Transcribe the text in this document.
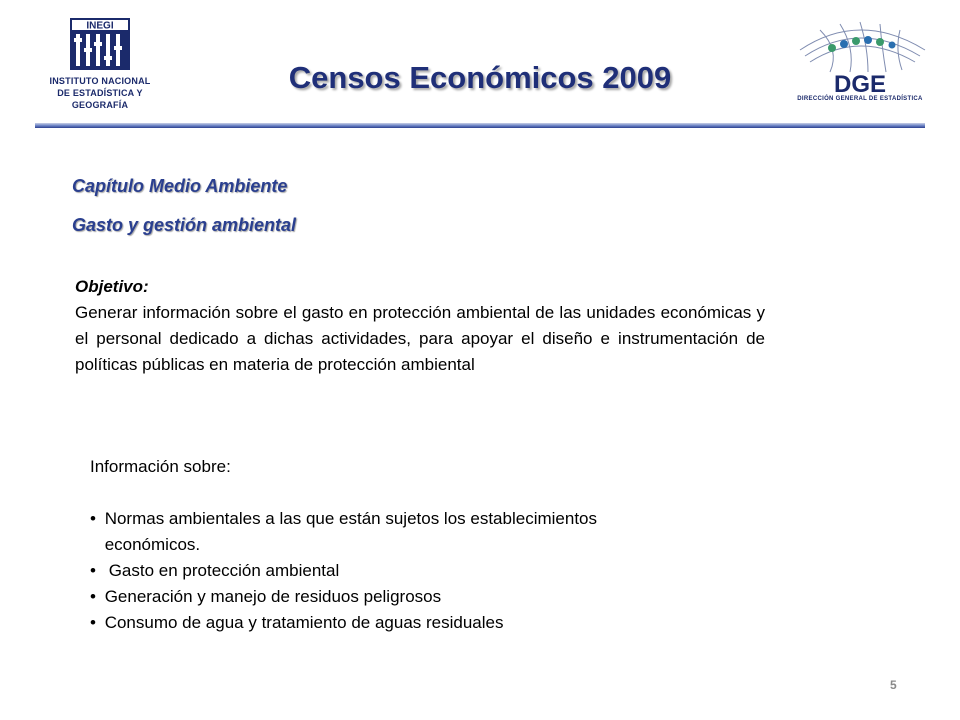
INEGI
INSTITUTO NACIONAL
DE ESTADÍSTICA Y
GEOGRAFÍA
Censos Económicos 2009	DGE
DIRECCIÓN GENERAL DE ESTADÍSTICA
Capítulo Medio Ambiente
Gasto y gestión ambiental
Objetivo:
Generar información sobre el gasto en protección ambiental de las unidades económicas y el personal dedicado a dichas actividades, para apoyar el diseño e instrumentación de políticas públicas en materia de protección ambiental
Información sobre:
• Normas ambientales a las que están sujetos los establecimientos económicos.
• Gasto en protección ambiental
• Generación y manejo de residuos peligrosos
• Consumo de agua y tratamiento de aguas residuales
5
